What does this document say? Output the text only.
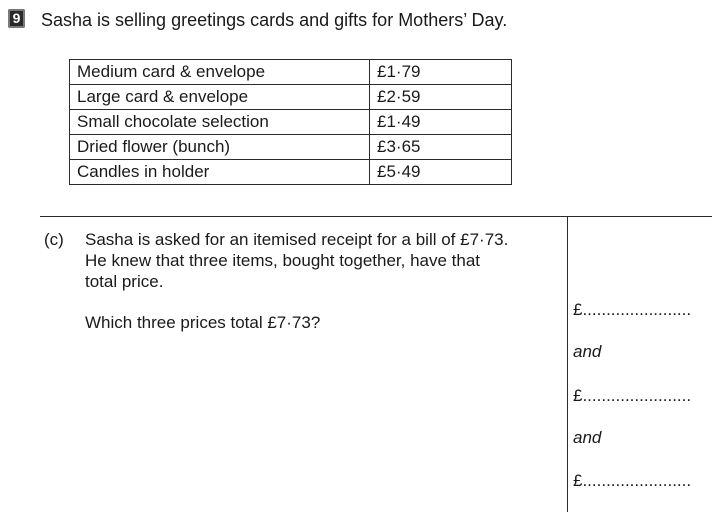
9 Sasha is selling greetings cards and gifts for Mothers’ Day.
Medium card & envelope	£1·79
Large card & envelope	£2·59
Small chocolate selection	£1·49
Dried flower (bunch)	£3·65
Candles in holder	£5·49
(c) Sasha is asked for an itemised receipt for a bill of £7·73.

He knew that three items, bought together, have that

total price.

Which three prices total £7·73?

£.......................
and
£.......................
and
£.......................
